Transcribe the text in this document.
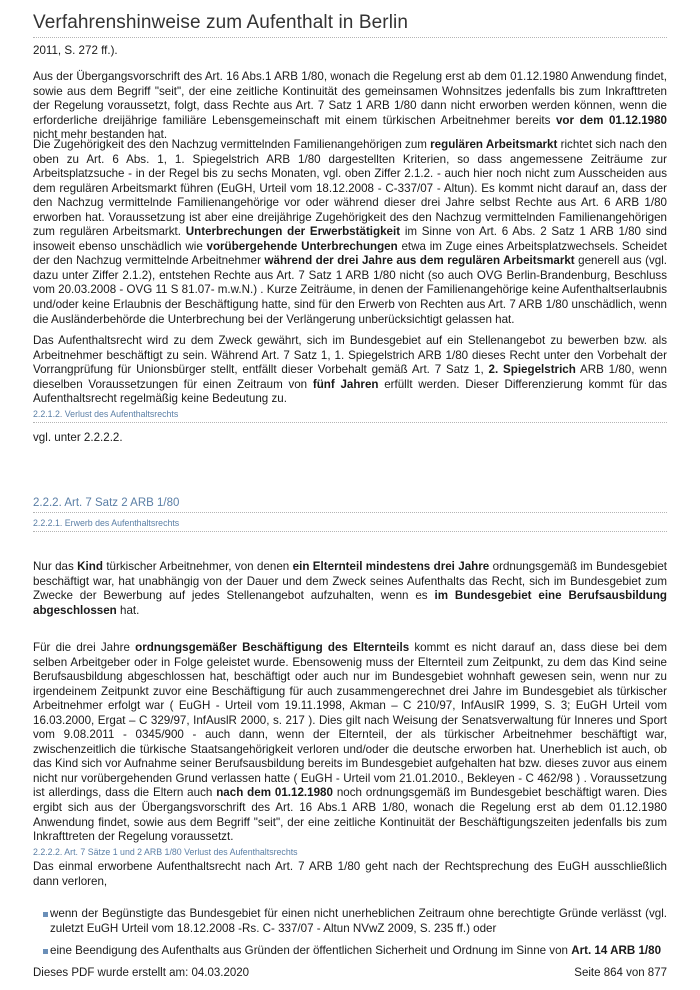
Verfahrenshinweise zum Aufenthalt in Berlin

2011, S. 272 ff.).

Aus der Übergangsvorschrift des Art. 16 Abs.1 ARB 1/80, wonach die Regelung erst ab dem 01.12.1980 Anwendung findet, sowie aus dem Begriff "seit", der eine zeitliche Kontinuität des gemeinsamen Wohnsitzes jedenfalls bis zum Inkrafttreten der Regelung voraussetzt, folgt, dass Rechte aus Art. 7 Satz 1 ARB 1/80 dann nicht erworben werden können, wenn die erforderliche dreijährige familiäre Lebensgemeinschaft mit einem türkischen Arbeitnehmer bereits vor dem 01.12.1980 nicht mehr bestanden hat.

Die Zugehörigkeit des den Nachzug vermittelnden Familienangehörigen zum regulären Arbeitsmarkt richtet sich nach den oben zu Art. 6 Abs. 1, 1. Spiegelstrich ARB 1/80 dargestellten Kriterien, so dass angemessene Zeiträume zur Arbeitsplatzsuche - in der Regel bis zu sechs Monaten, vgl. oben Ziffer 2.1.2. - auch hier noch nicht zum Ausscheiden aus dem regulären Arbeitsmarkt führen (EuGH, Urteil vom 18.12.2008 - C-337/07 - Altun). Es kommt nicht darauf an, dass der den Nachzug vermittelnde Familienangehörige vor oder während dieser drei Jahre selbst Rechte aus Art. 6 ARB 1/80 erworben hat. Voraussetzung ist aber eine dreijährige Zugehörigkeit des den Nachzug vermittelnden Familienangehörigen zum regulären Arbeitsmarkt. Unterbrechungen der Erwerbstätigkeit im Sinne von Art. 6 Abs. 2 Satz 1 ARB 1/80 sind insoweit ebenso unschädlich wie vorübergehende Unterbrechungen etwa im Zuge eines Arbeitsplatzwechsels. Scheidet der den Nachzug vermittelnde Arbeitnehmer während der drei Jahre aus dem regulären Arbeitsmarkt generell aus (vgl. dazu unter Ziffer 2.1.2), entstehen Rechte aus Art. 7 Satz 1 ARB 1/80 nicht (so auch OVG Berlin-Brandenburg, Beschluss vom 20.03.2008 - OVG 11 S 81.07- m.w.N.) . Kurze Zeiträume, in denen der Familienangehörige keine Aufenthaltserlaubnis und/oder keine Erlaubnis der Beschäftigung hatte, sind für den Erwerb von Rechten aus Art. 7 ARB 1/80 unschädlich, wenn die Ausländerbehörde die Unterbrechung bei der Verlängerung unberücksichtigt gelassen hat.

Das Aufenthaltsrecht wird zu dem Zweck gewährt, sich im Bundesgebiet auf ein Stellenangebot zu bewerben bzw. als Arbeitnehmer beschäftigt zu sein. Während Art. 7 Satz 1, 1. Spiegelstrich ARB 1/80 dieses Recht unter den Vorbehalt der Vorrangprüfung für Unionsbürger stellt, entfällt dieser Vorbehalt gemäß Art. 7 Satz 1, 2. Spiegelstrich ARB 1/80, wenn dieselben Voraussetzungen für einen Zeitraum von fünf Jahren erfüllt werden. Dieser Differenzierung kommt für das Aufenthaltsrecht regelmäßig keine Bedeutung zu.

2.2.1.2. Verlust des Aufenthaltsrechts

vgl. unter 2.2.2.2.

2.2.2. Art. 7 Satz 2 ARB 1/80
2.2.2.1. Erwerb des Aufenthaltsrechts

Nur das Kind türkischer Arbeitnehmer, von denen ein Elternteil mindestens drei Jahre ordnungsgemäß im Bundesgebiet beschäftigt war, hat unabhängig von der Dauer und dem Zweck seines Aufenthalts das Recht, sich im Bundesgebiet zum Zwecke der Bewerbung auf jedes Stellenangebot aufzuhalten, wenn es im Bundesgebiet eine Berufsausbildung abgeschlossen hat.

Für die drei Jahre ordnungsgemäßer Beschäftigung des Elternteils kommt es nicht darauf an, dass diese bei dem selben Arbeitgeber oder in Folge geleistet wurde. Ebensowenig muss der Elternteil zum Zeitpunkt, zu dem das Kind seine Berufsausbildung abgeschlossen hat, beschäftigt oder auch nur im Bundesgebiet wohnhaft gewesen sein, wenn nur zu irgendeinem Zeitpunkt zuvor eine Beschäftigung für auch zusammengerechnet drei Jahre im Bundesgebiet als türkischer Arbeitnehmer erfolgt war ( EuGH - Urteil vom 19.11.1998, Akman – C 210/97, InfAuslR 1999, S. 3; EuGH Urteil vom 16.03.2000, Ergat – C 329/97, InfAuslR 2000, s. 217 ). Dies gilt nach Weisung der Senatsverwaltung für Inneres und Sport vom 9.08.2011 - 0345/900 - auch dann, wenn der Elternteil, der als türkischer Arbeitnehmer beschäftigt war, zwischenzeitlich die türkische Staatsangehörigkeit verloren und/oder die deutsche erworben hat. Unerheblich ist auch, ob das Kind sich vor Aufnahme seiner Berufsausbildung bereits im Bundesgebiet aufgehalten hat bzw. dieses zuvor aus einem nicht nur vorübergehenden Grund verlassen hatte ( EuGH - Urteil vom 21.01.2010., Bekleyen - C 462/98 ) . Voraussetzung ist allerdings, dass die Eltern auch nach dem 01.12.1980 noch ordnungsgemäß im Bundesgebiet beschäftigt waren. Dies ergibt sich aus der Übergangsvorschrift des Art. 16 Abs.1 ARB 1/80, wonach die Regelung erst ab dem 01.12.1980 Anwendung findet, sowie aus dem Begriff "seit", der eine zeitliche Kontinuität der Beschäftigungszeiten jedenfalls bis zum Inkrafttreten der Regelung voraussetzt.

2.2.2.2. Art. 7 Sätze 1 und 2 ARB 1/80 Verlust des Aufenthaltsrechts

Das einmal erworbene Aufenthaltsrecht nach Art. 7 ARB 1/80 geht nach der Rechtsprechung des EuGH ausschließlich dann verloren,

wenn der Begünstigte das Bundesgebiet für einen nicht unerheblichen Zeitraum ohne berechtigte Gründe verlässt (vgl. zuletzt EuGH Urteil vom 18.12.2008 -Rs. C- 337/07 - Altun NVwZ 2009, S. 235 ff.) oder
eine Beendigung des Aufenthalts aus Gründen der öffentlichen Sicherheit und Ordnung im Sinne von Art. 14 ARB 1/80
Dieses PDF wurde erstellt am: 04.03.2020	Seite 864 von 877
